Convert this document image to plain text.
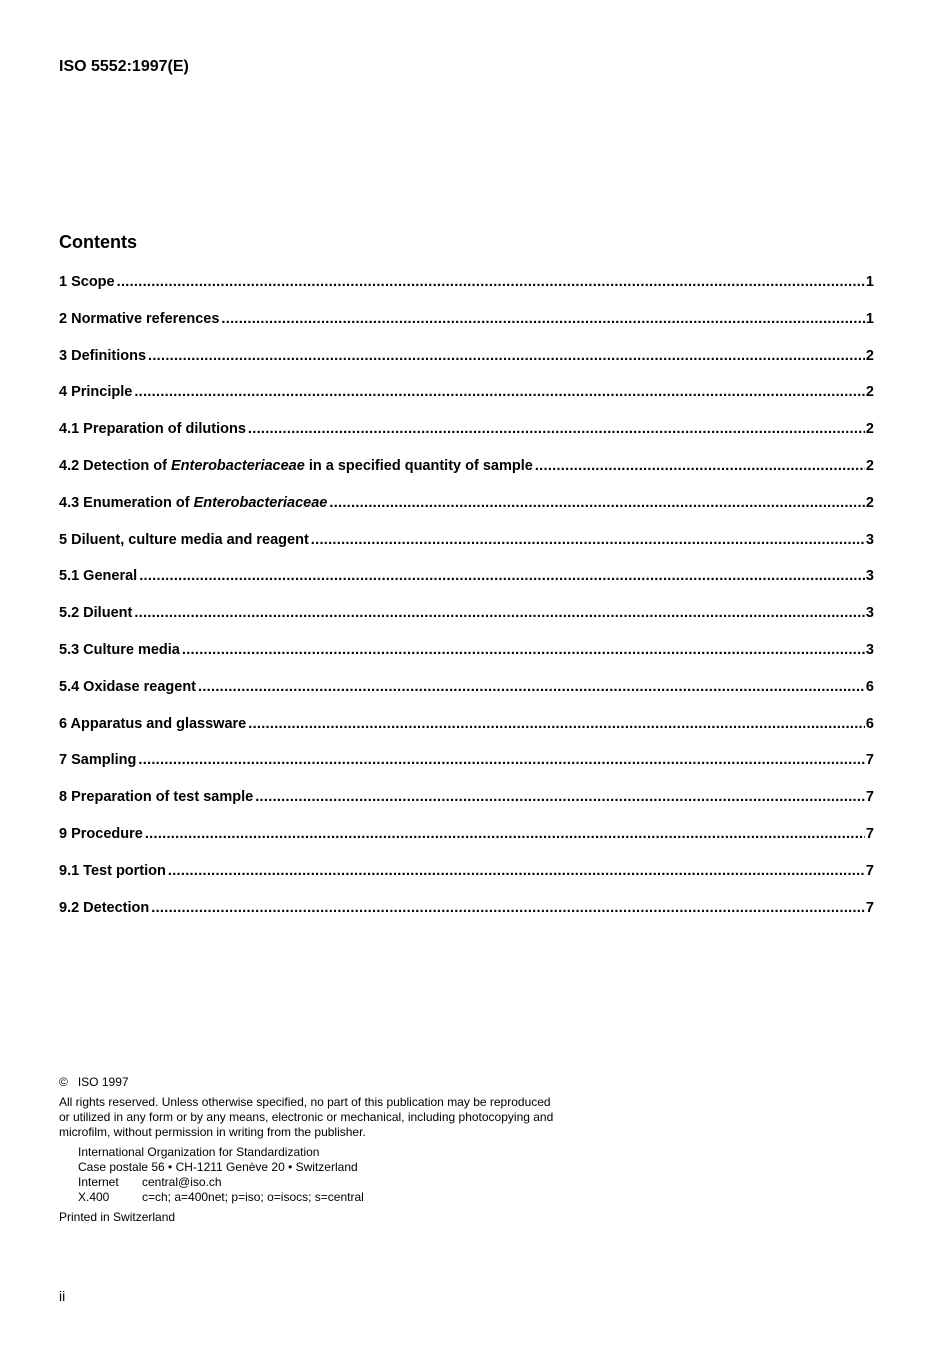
ISO 5552:1997(E)
Contents
1 Scope .....	1
2 Normative references .....	1
3 Definitions .....	2
4 Principle .....	2
4.1 Preparation of dilutions .....	2
4.2 Detection of Enterobacteriaceae in a specified quantity of sample .....	2
4.3 Enumeration of Enterobacteriaceae .....	2
5 Diluent, culture media and reagent .....	3
5.1 General .....	3
5.2 Diluent .....	3
5.3 Culture media .....	3
5.4 Oxidase reagent .....	6
6 Apparatus and glassware .....	6
7 Sampling .....	7
8 Preparation of test sample .....	7
9 Procedure .....	7
9.1 Test portion .....	7
9.2 Detection .....	7
© ISO 1997
All rights reserved. Unless otherwise specified, no part of this publication may be reproduced
or utilized in any form or by any means, electronic or mechanical, including photocopying and
microfilm, without permission in writing from the publisher.
International Organization for Standardization
Case postale 56 • CH-1211 Genève 20 • Switzerland
Internet central@iso.ch
X.400	c=ch; a=400net; p=iso; o=isocs; s=central
Printed in Switzerland
ii
